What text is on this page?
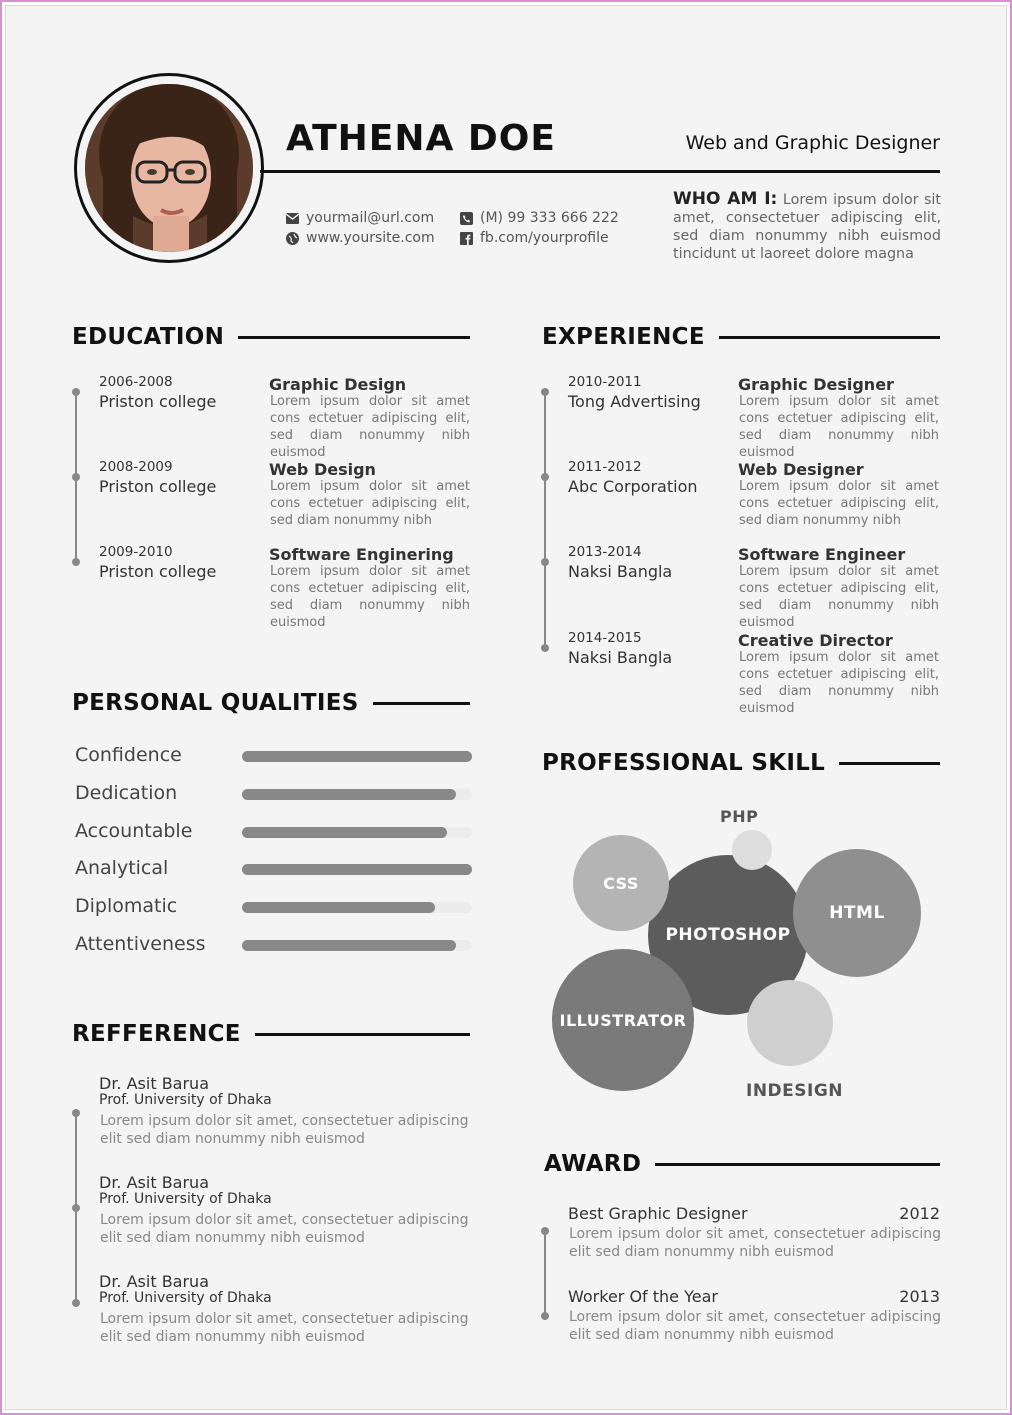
ATHENA DOE	Web and Graphic Designer
yourmail@url.com
www.yoursite.com
(M) 99 333 666 222
fb.com/yourprofile
WHO AM I: Lorem ipsum dolor sit amet, consectetuer adipiscing elit, sed diam nonummy nibh euismod tincidunt ut laoreet dolore magna
EDUCATION
2006-2008
Priston college
Graphic Design
Lorem ipsum dolor sit amet cons ectetuer adipiscing elit, sed diam nonummy nibh euismod
2008-2009
Priston college
Web Design
Lorem ipsum dolor sit amet cons ectetuer adipiscing elit, sed diam nonummy nibh
2009-2010
Priston college
Software Enginering
Lorem ipsum dolor sit amet cons ectetuer adipiscing elit, sed diam nonummy nibh euismod
EXPERIENCE
2010-2011
Tong Advertising
Graphic Designer
Lorem ipsum dolor sit amet cons ectetuer adipiscing elit, sed diam nonummy nibh euismod
2011-2012
Abc Corporation
Web Designer
Lorem ipsum dolor sit amet cons ectetuer adipiscing elit, sed diam nonummy nibh
2013-2014
Naksi Bangla
Software Engineer
Lorem ipsum dolor sit amet cons ectetuer adipiscing elit, sed diam nonummy nibh euismod
2014-2015
Naksi Bangla
Creative Director
Lorem ipsum dolor sit amet cons ectetuer adipiscing elit, sed diam nonummy nibh euismod
PERSONAL QUALITIES
Confidence
Dedication
Accountable
Analytical
Diplomatic
Attentiveness
REFFERENCE
Dr. Asit Barua
Prof. University of Dhaka
Lorem ipsum dolor sit amet, consectetuer adipiscing elit sed diam nonummy nibh euismod
Dr. Asit Barua
Prof. University of Dhaka
Lorem ipsum dolor sit amet, consectetuer adipiscing elit sed diam nonummy nibh euismod
Dr. Asit Barua
Prof. University of Dhaka
Lorem ipsum dolor sit amet, consectetuer adipiscing elit sed diam nonummy nibh euismod
PROFESSIONAL SKILL
PHOTOSHOP
CSS
HTML
ILLUSTRATOR
PHP
INDESIGN
AWARD
Best Graphic Designer	2012
Lorem ipsum dolor sit amet, consectetuer adipiscing elit sed diam nonummy nibh euismod
Worker Of the Year	2013
Lorem ipsum dolor sit amet, consectetuer adipiscing elit sed diam nonummy nibh euismod
